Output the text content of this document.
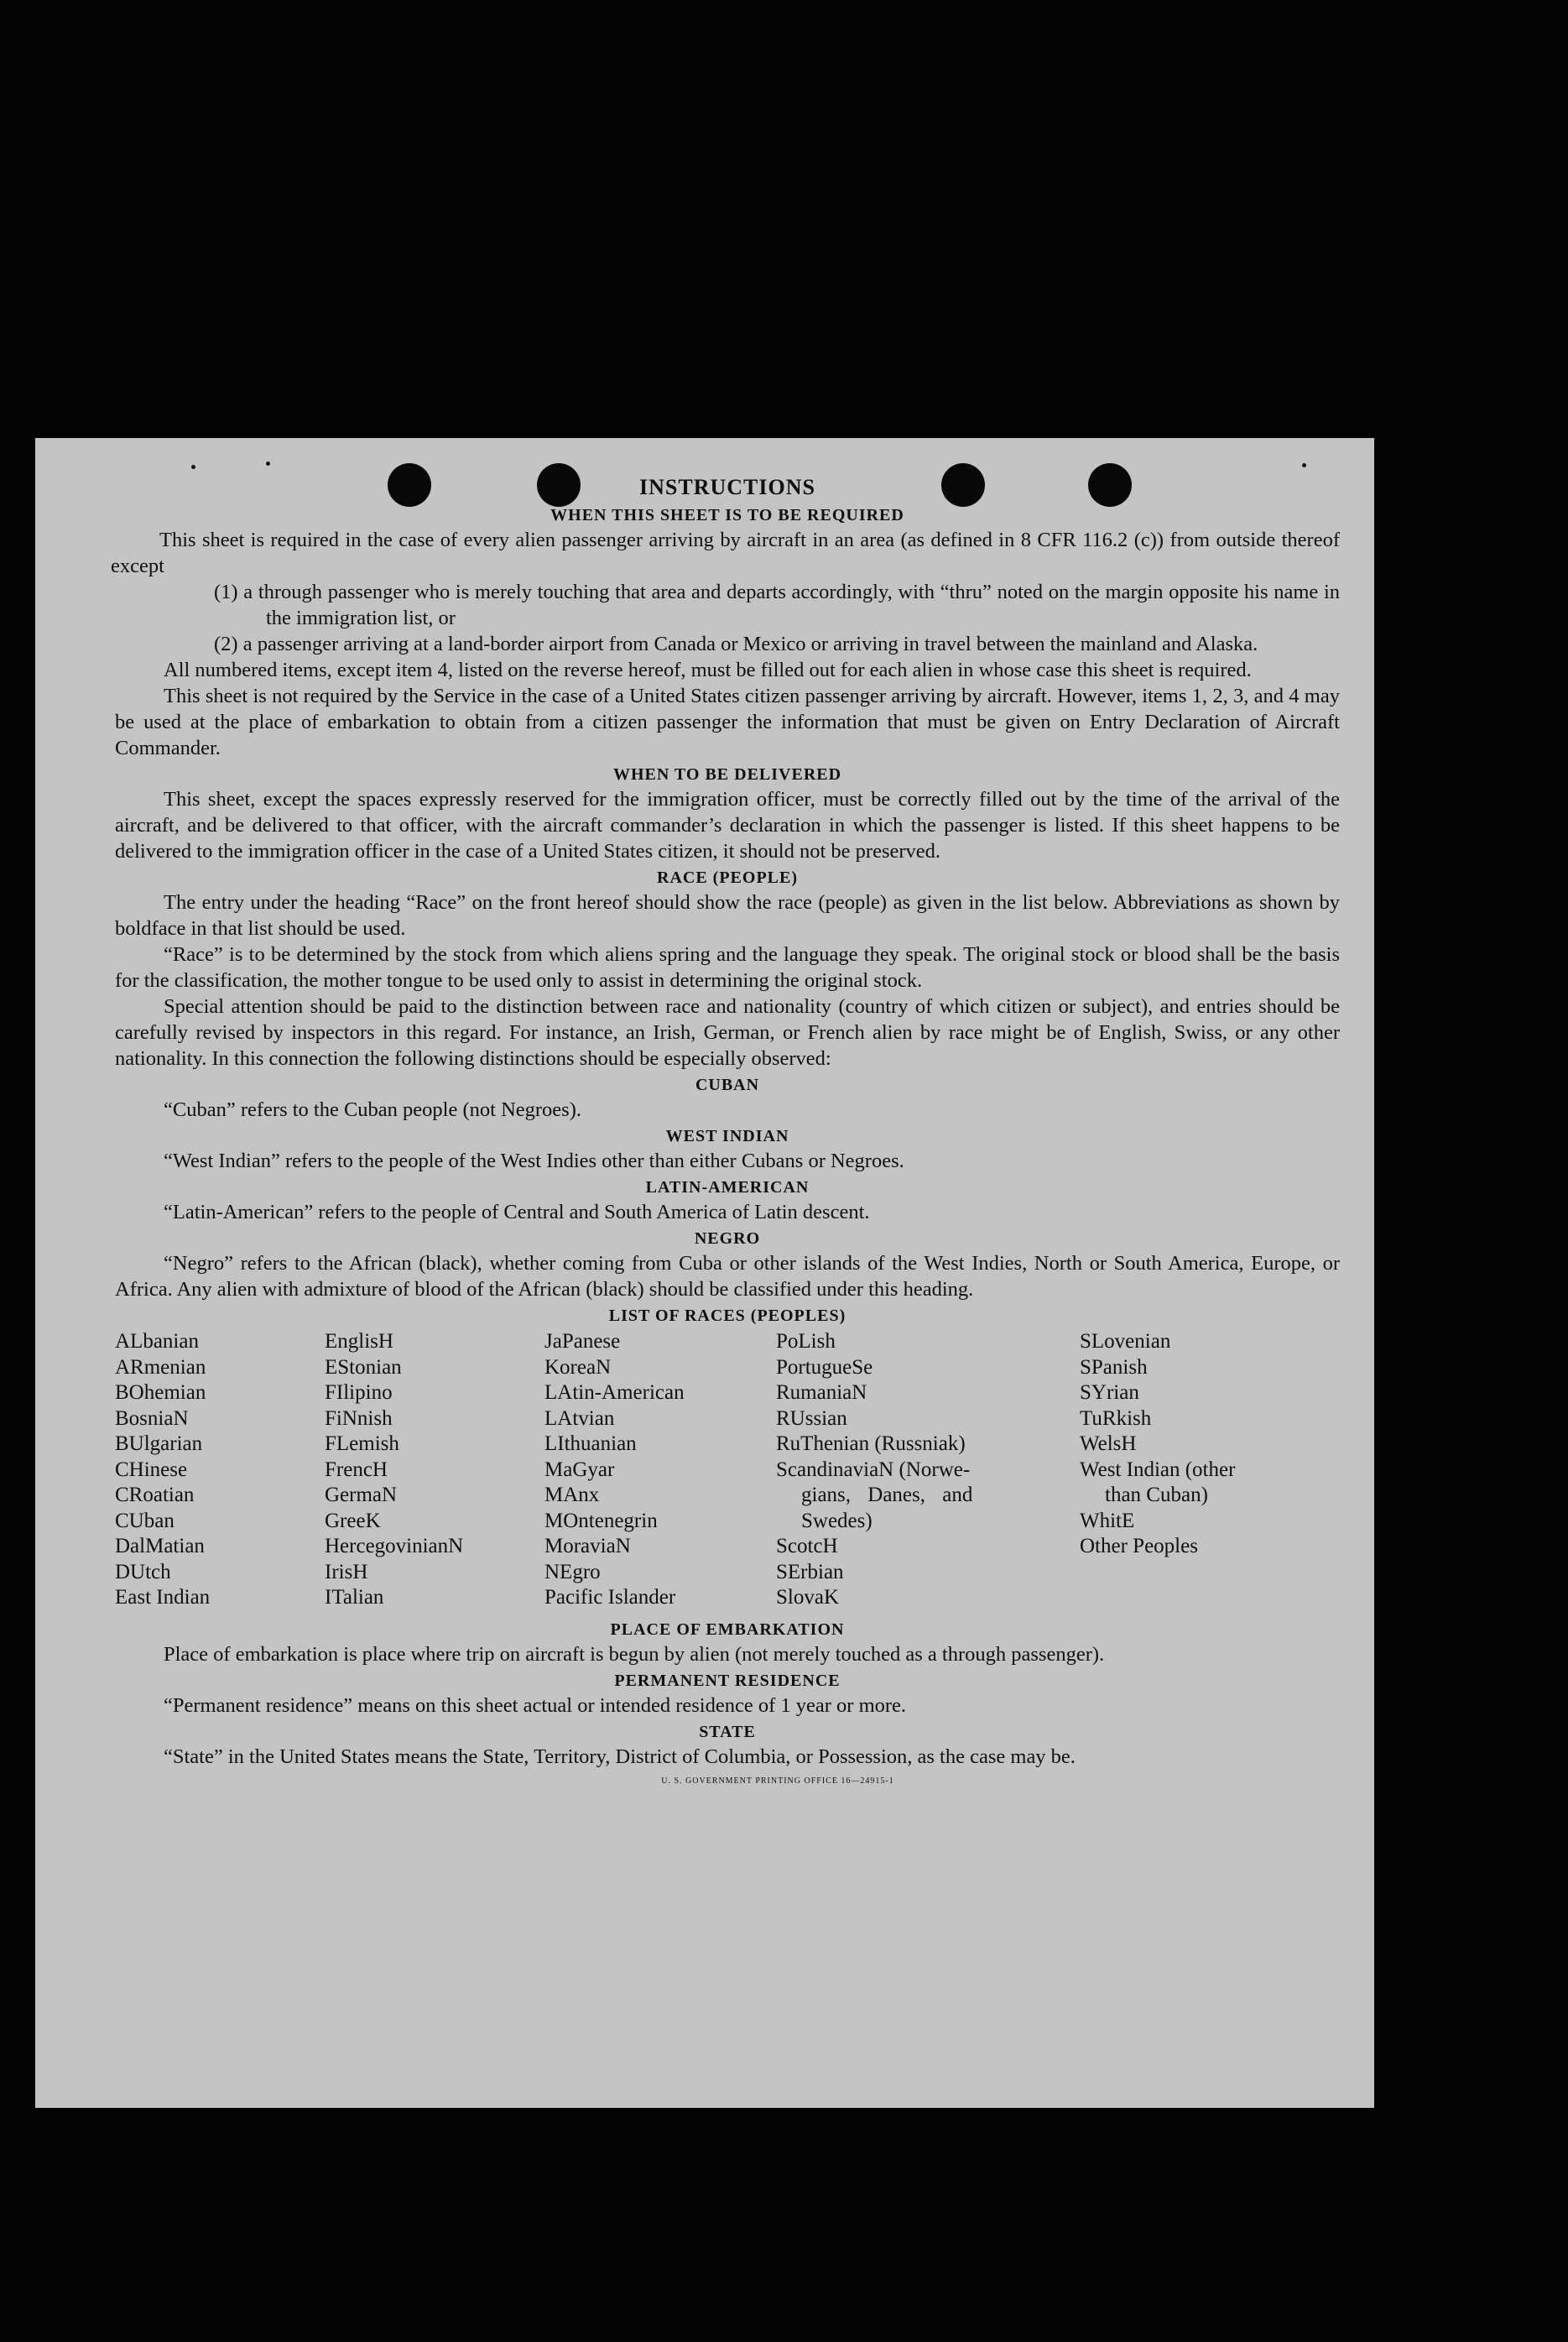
INSTRUCTIONS
WHEN THIS SHEET IS TO BE REQUIRED

This sheet is required in the case of every alien passenger arriving by aircraft in an area (as defined in 8 CFR 116.2 (c)) from outside thereof except

(1) a through passenger who is merely touching that area and departs accordingly, with “thru” noted on the margin opposite his name in the immigration list, or
(2) a passenger arriving at a land-border airport from Canada or Mexico or arriving in travel between the mainland and Alaska.

All numbered items, except item 4, listed on the reverse hereof, must be filled out for each alien in whose case this sheet is required.

This sheet is not required by the Service in the case of a United States citizen passenger arriving by aircraft. However, items 1, 2, 3, and 4 may be used at the place of embarkation to obtain from a citizen passenger the information that must be given on Entry Declaration of Aircraft Commander.

WHEN TO BE DELIVERED

This sheet, except the spaces expressly reserved for the immigration officer, must be correctly filled out by the time of the arrival of the aircraft, and be delivered to that officer, with the aircraft commander’s declaration in which the passenger is listed. If this sheet happens to be delivered to the immigration officer in the case of a United States citizen, it should not be preserved.

RACE (PEOPLE)

The entry under the heading “Race” on the front hereof should show the race (people) as given in the list below. Abbreviations as shown by boldface in that list should be used.

“Race” is to be determined by the stock from which aliens spring and the language they speak. The original stock or blood shall be the basis for the classification, the mother tongue to be used only to assist in determining the original stock.

Special attention should be paid to the distinction between race and nationality (country of which citizen or subject), and entries should be carefully revised by inspectors in this regard. For instance, an Irish, German, or French alien by race might be of English, Swiss, or any other nationality. In this connection the following distinctions should be especially observed:

CUBAN

“Cuban” refers to the Cuban people (not Negroes).

WEST INDIAN

“West Indian” refers to the people of the West Indies other than either Cubans or Negroes.

LATIN-AMERICAN

“Latin-American” refers to the people of Central and South America of Latin descent.

NEGRO

“Negro” refers to the African (black), whether coming from Cuba or other islands of the West Indies, North or South America, Europe, or Africa. Any alien with admixture of blood of the African (black) should be classified under this heading.

LIST OF RACES (PEOPLES)
ALbanian
ARmenian
BOhemian
BosniaN
BUlgarian
CHinese
CRoatian
CUban
DalMatian
DUtch
East Indian
EnglisH
EStonian
FIlipino
FiNnish
FLemish
FrencH
GermaN
GreeK
HercegovinianN
IrisH
ITalian
JaPanese
KoreaN
LAtin-American
LAtvian
LIthuanian
MaGyar
MAnx
MOntenegrin
MoraviaN
NEgro
Pacific Islander
PoLish
PortugueSe
RumaniaN
RUssian
RuThenian (Russniak)
ScandinaviaN (Norwe-
gians, Danes, and
Swedes)
ScotcH
SErbian
SlovaK
SLovenian
SPanish
SYrian
TuRkish
WelsH
West Indian (other
than Cuban)
WhitE
Other Peoples
PLACE OF EMBARKATION

Place of embarkation is place where trip on aircraft is begun by alien (not merely touched as a through passenger).

PERMANENT RESIDENCE

“Permanent residence” means on this sheet actual or intended residence of 1 year or more.

STATE

“State” in the United States means the State, Territory, District of Columbia, or Possession, as the case may be.

U. S. GOVERNMENT PRINTING OFFICE 16—24915-1
